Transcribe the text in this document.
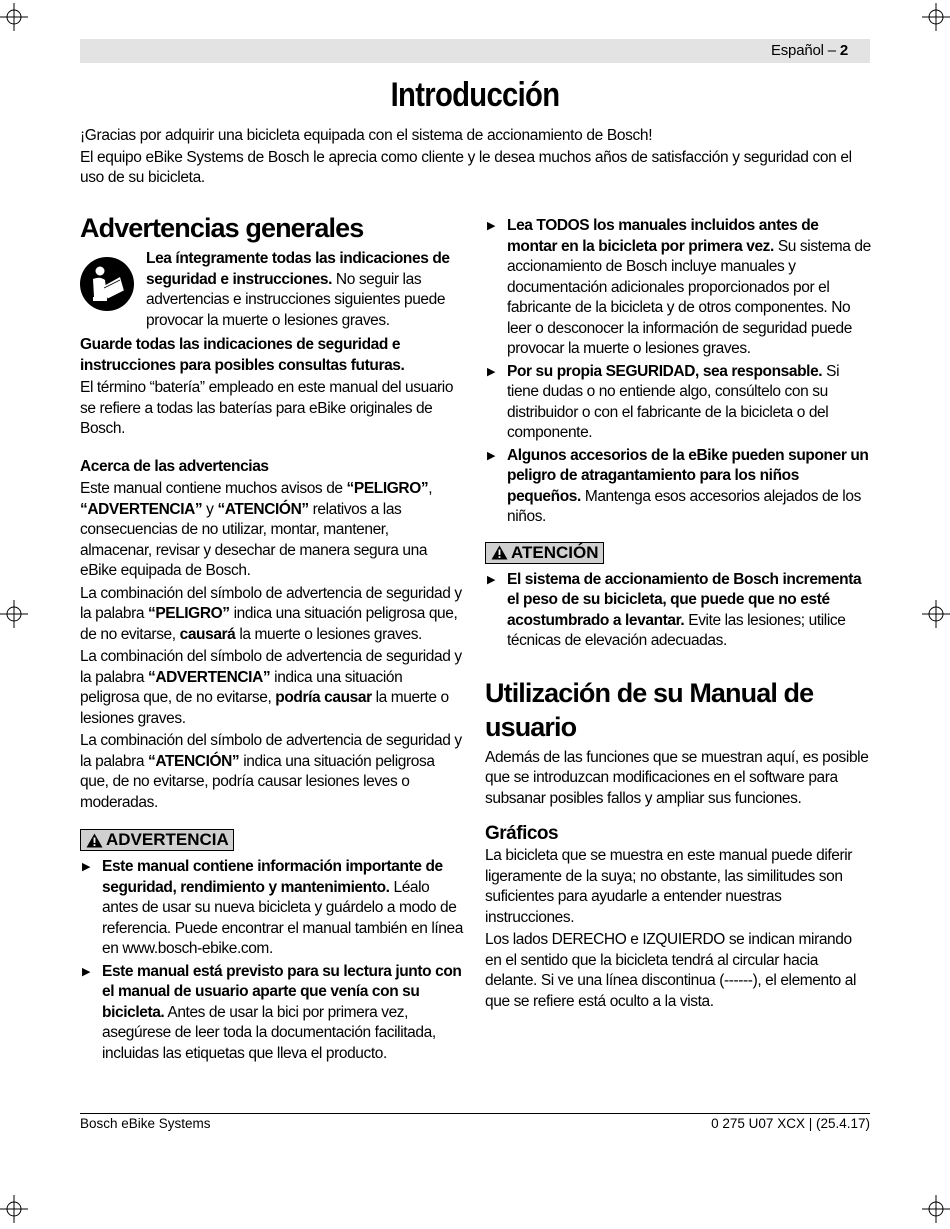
Español – 2
Introducción

¡Gracias por adquirir una bicicleta equipada con el sistema de accionamiento de Bosch!

El equipo eBike Systems de Bosch le aprecia como cliente y le desea muchos años de satisfacción y seguridad con el uso de su bicicleta.

Advertencias generales

Lea íntegramente todas las indicaciones de seguridad e instrucciones. No seguir las advertencias e instrucciones siguientes puede provocar la muerte o lesiones graves.

Guarde todas las indicaciones de seguridad e instrucciones para posibles consultas futuras.

El término “batería” empleado en este manual del usuario se refiere a todas las baterías para eBike originales de Bosch.

Acerca de las advertencias

Este manual contiene muchos avisos de “PELIGRO”, “ADVERTENCIA” y “ATENCIÓN” relativos a las consecuencias de no utilizar, montar, mantener, almacenar, revisar y desechar de manera segura una eBike equipada de Bosch.

La combinación del símbolo de advertencia de seguridad y la palabra “PELIGRO” indica una situación peligrosa que, de no evitarse, causará la muerte o lesiones graves.

La combinación del símbolo de advertencia de seguridad y la palabra “ADVERTENCIA” indica una situación peligrosa que, de no evitarse, podría causar la muerte o lesiones graves.

La combinación del símbolo de advertencia de seguridad y la palabra “ATENCIÓN” indica una situación peligrosa que, de no evitarse, podría causar lesiones leves o moderadas.

ADVERTENCIA
▶ Este manual contiene información importante de seguridad, rendimiento y mantenimiento. Léalo antes de usar su nueva bicicleta y guárdelo a modo de referencia. Puede encontrar el manual también en línea en www.bosch-ebike.com.
▶ Este manual está previsto para su lectura junto con el manual de usuario aparte que venía con su bicicleta. Antes de usar la bici por primera vez, asegúrese de leer toda la documentación facilitada, incluidas las etiquetas que lleva el producto.
▶ Lea TODOS los manuales incluidos antes de montar en la bicicleta por primera vez. Su sistema de accionamiento de Bosch incluye manuales y documentación adicionales proporcionados por el fabricante de la bicicleta y de otros componentes. No leer o desconocer la información de seguridad puede provocar la muerte o lesiones graves.
▶ Por su propia SEGURIDAD, sea responsable. Si tiene dudas o no entiende algo, consúltelo con su distribuidor o con el fabricante de la bicicleta o del componente.
▶ Algunos accesorios de la eBike pueden suponer un peligro de atragantamiento para los niños pequeños. Mantenga esos accesorios alejados de los niños.
ATENCIÓN
▶ El sistema de accionamiento de Bosch incrementa el peso de su bicicleta, que puede que no esté acostumbrado a levantar. Evite las lesiones; utilice técnicas de elevación adecuadas.
Utilización de su Manual de usuario

Además de las funciones que se muestran aquí, es posible que se introduzcan modificaciones en el software para subsanar posibles fallos y ampliar sus funciones.

Gráficos

La bicicleta que se muestra en este manual puede diferir ligeramente de la suya; no obstante, las similitudes son suficientes para ayudarle a entender nuestras instrucciones.

Los lados DERECHO e IZQUIERDO se indican mirando en el sentido que la bicicleta tendrá al circular hacia delante. Si ve una línea discontinua (------), el elemento al que se refiere está oculto a la vista.

Bosch eBike Systems	0 275 U07 XCX | (25.4.17)
